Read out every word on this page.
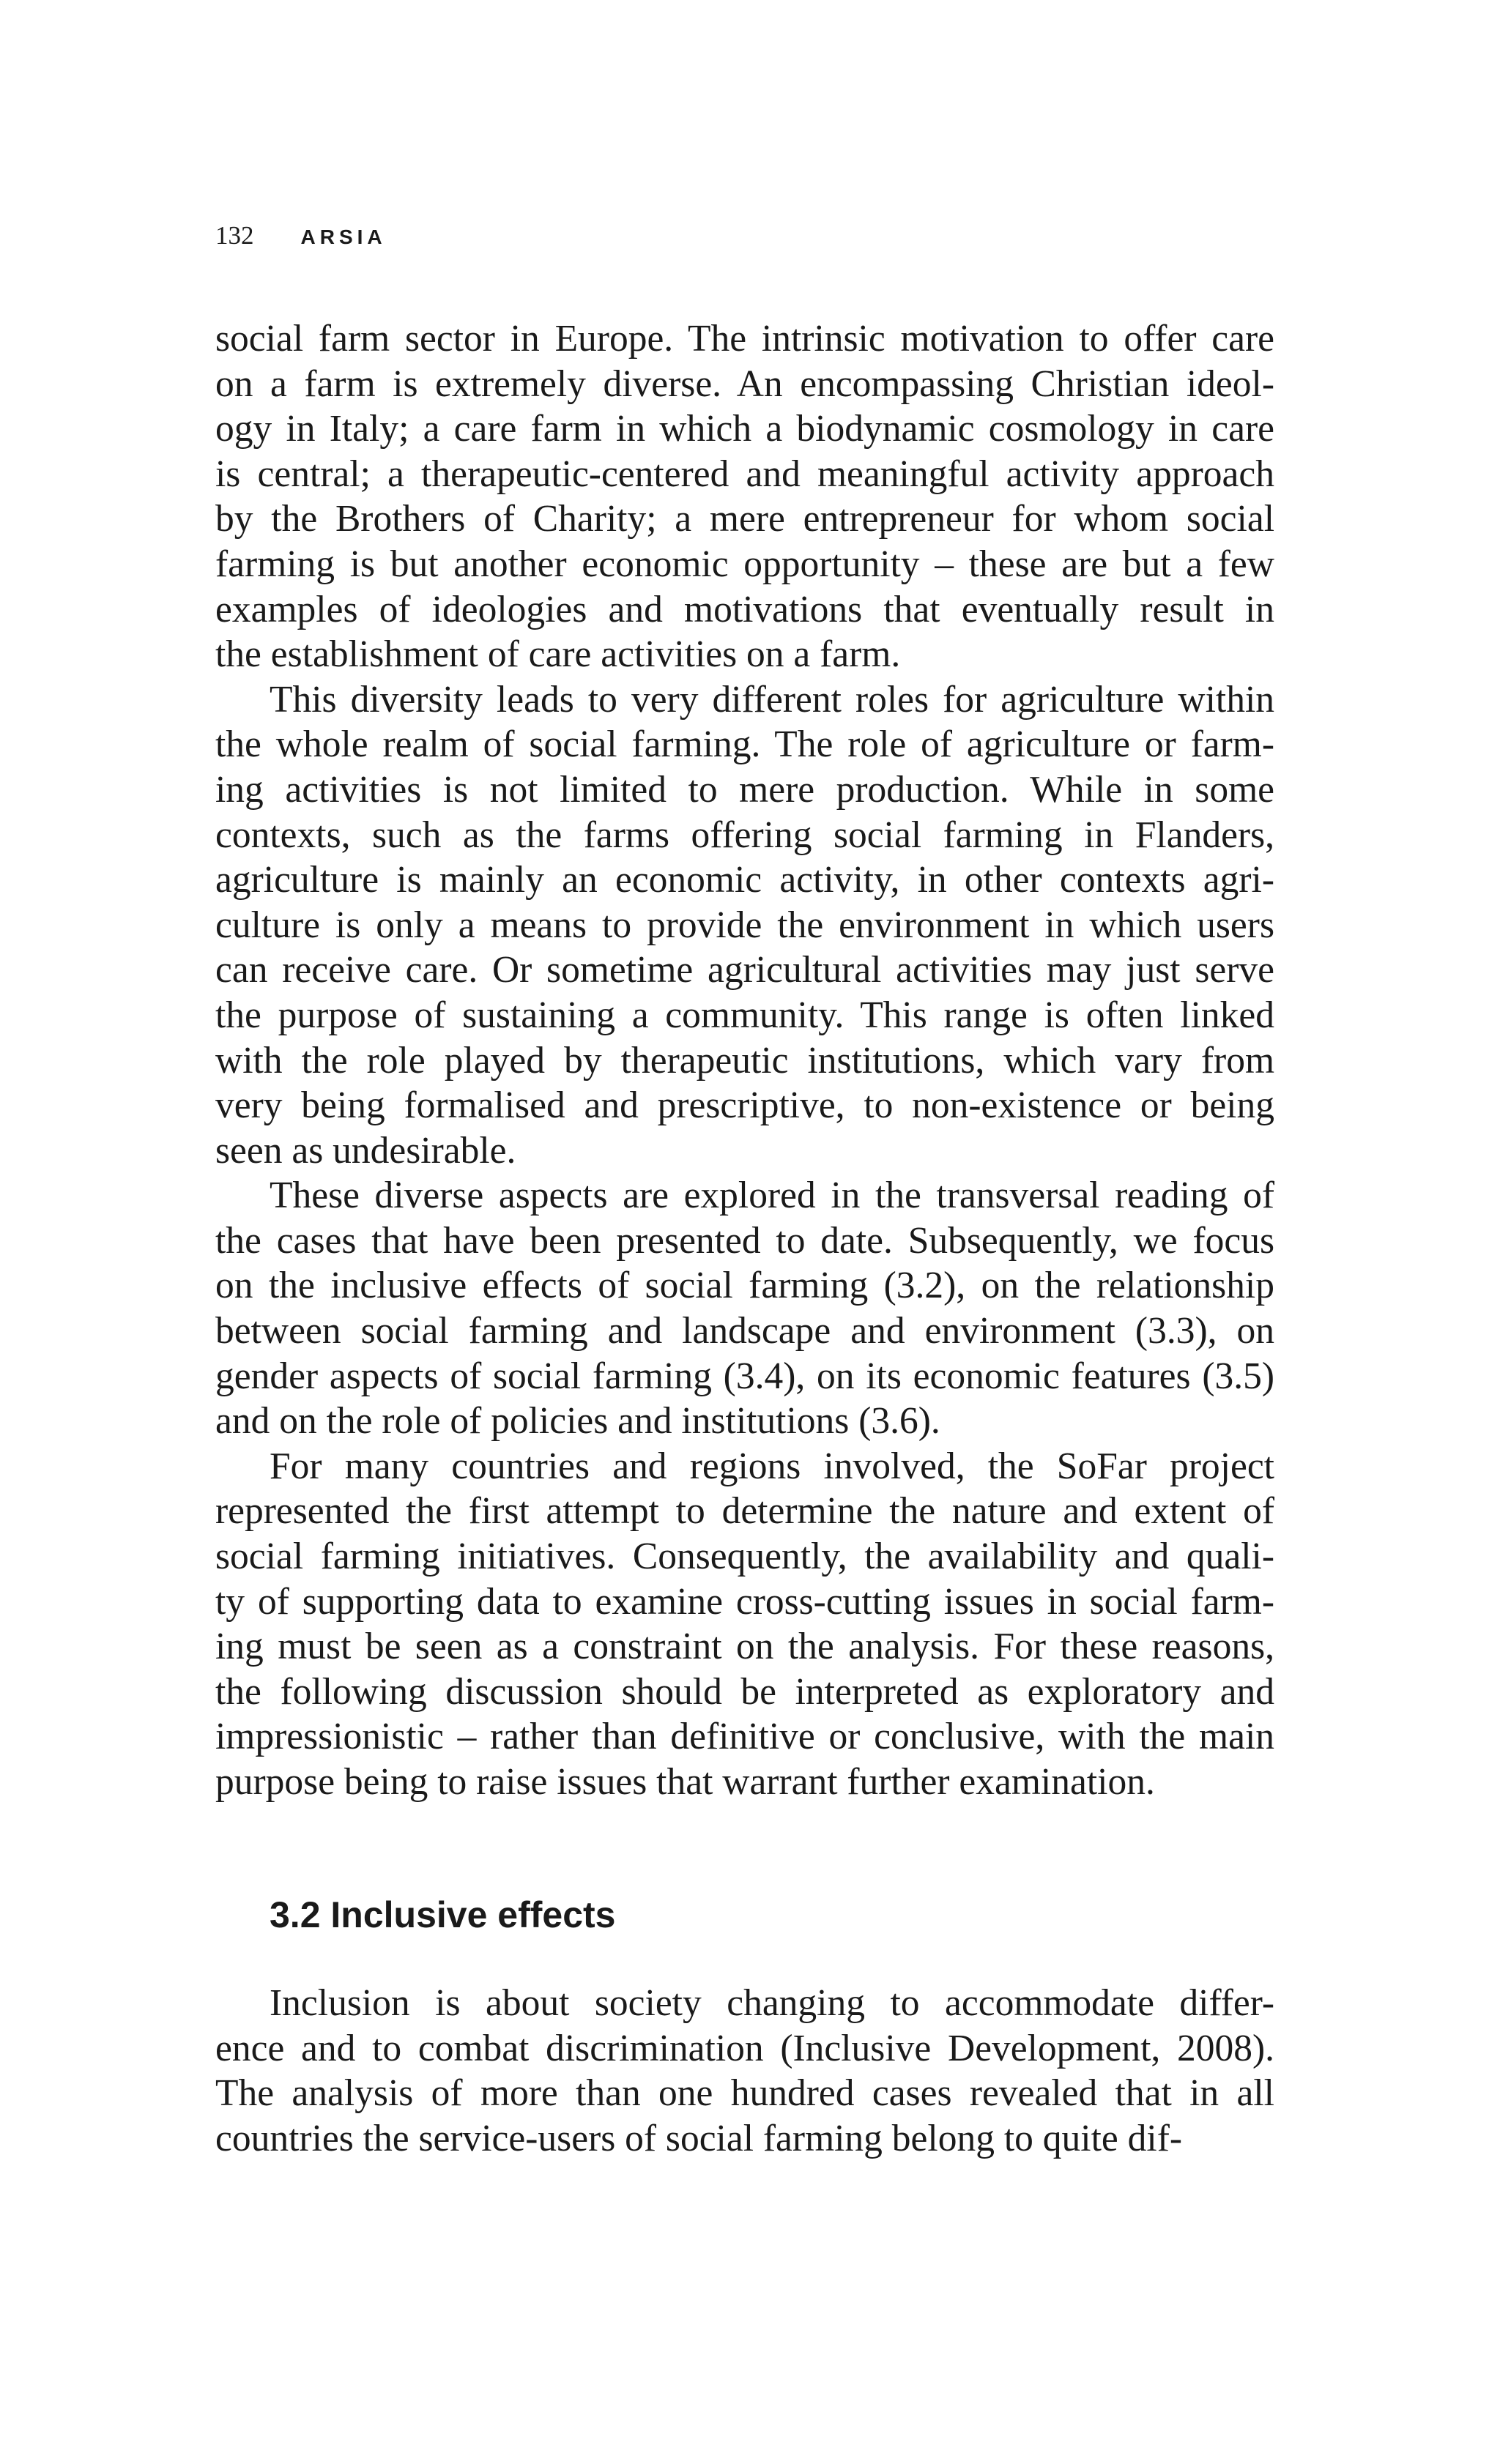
132 ARSIA

social farm sector in Europe. The intrinsic motivation to offer care
on a farm is extremely diverse. An encompassing Christian ideol-
ogy in Italy; a care farm in which a biodynamic cosmology in care
is central; a therapeutic-centered and meaningful activity approach
by the Brothers of Charity; a mere entrepreneur for whom social
farming is but another economic opportunity – these are but a few
examples of ideologies and motivations that eventually result in
the establishment of care activities on a farm.

This diversity leads to very different roles for agriculture within
the whole realm of social farming. The role of agriculture or farm-
ing activities is not limited to mere production. While in some
contexts, such as the farms offering social farming in Flanders,
agriculture is mainly an economic activity, in other contexts agri-
culture is only a means to provide the environment in which users
can receive care. Or sometime agricultural activities may just serve
the purpose of sustaining a community. This range is often linked
with the role played by therapeutic institutions, which vary from
very being formalised and prescriptive, to non-existence or being
seen as undesirable.

These diverse aspects are explored in the transversal reading of
the cases that have been presented to date. Subsequently, we focus
on the inclusive effects of social farming (3.2), on the relationship
between social farming and landscape and environment (3.3), on
gender aspects of social farming (3.4), on its economic features (3.5)
and on the role of policies and institutions (3.6).

For many countries and regions involved, the SoFar project
represented the first attempt to determine the nature and extent of
social farming initiatives. Consequently, the availability and quali-
ty of supporting data to examine cross-cutting issues in social farm-
ing must be seen as a constraint on the analysis. For these reasons,
the following discussion should be interpreted as exploratory and
impressionistic – rather than definitive or conclusive, with the main
purpose being to raise issues that warrant further examination.

3.2 Inclusive effects

Inclusion is about society changing to accommodate differ-
ence and to combat discrimination (Inclusive Development, 2008).
The analysis of more than one hundred cases revealed that in all
countries the service-users of social farming belong to quite dif-
